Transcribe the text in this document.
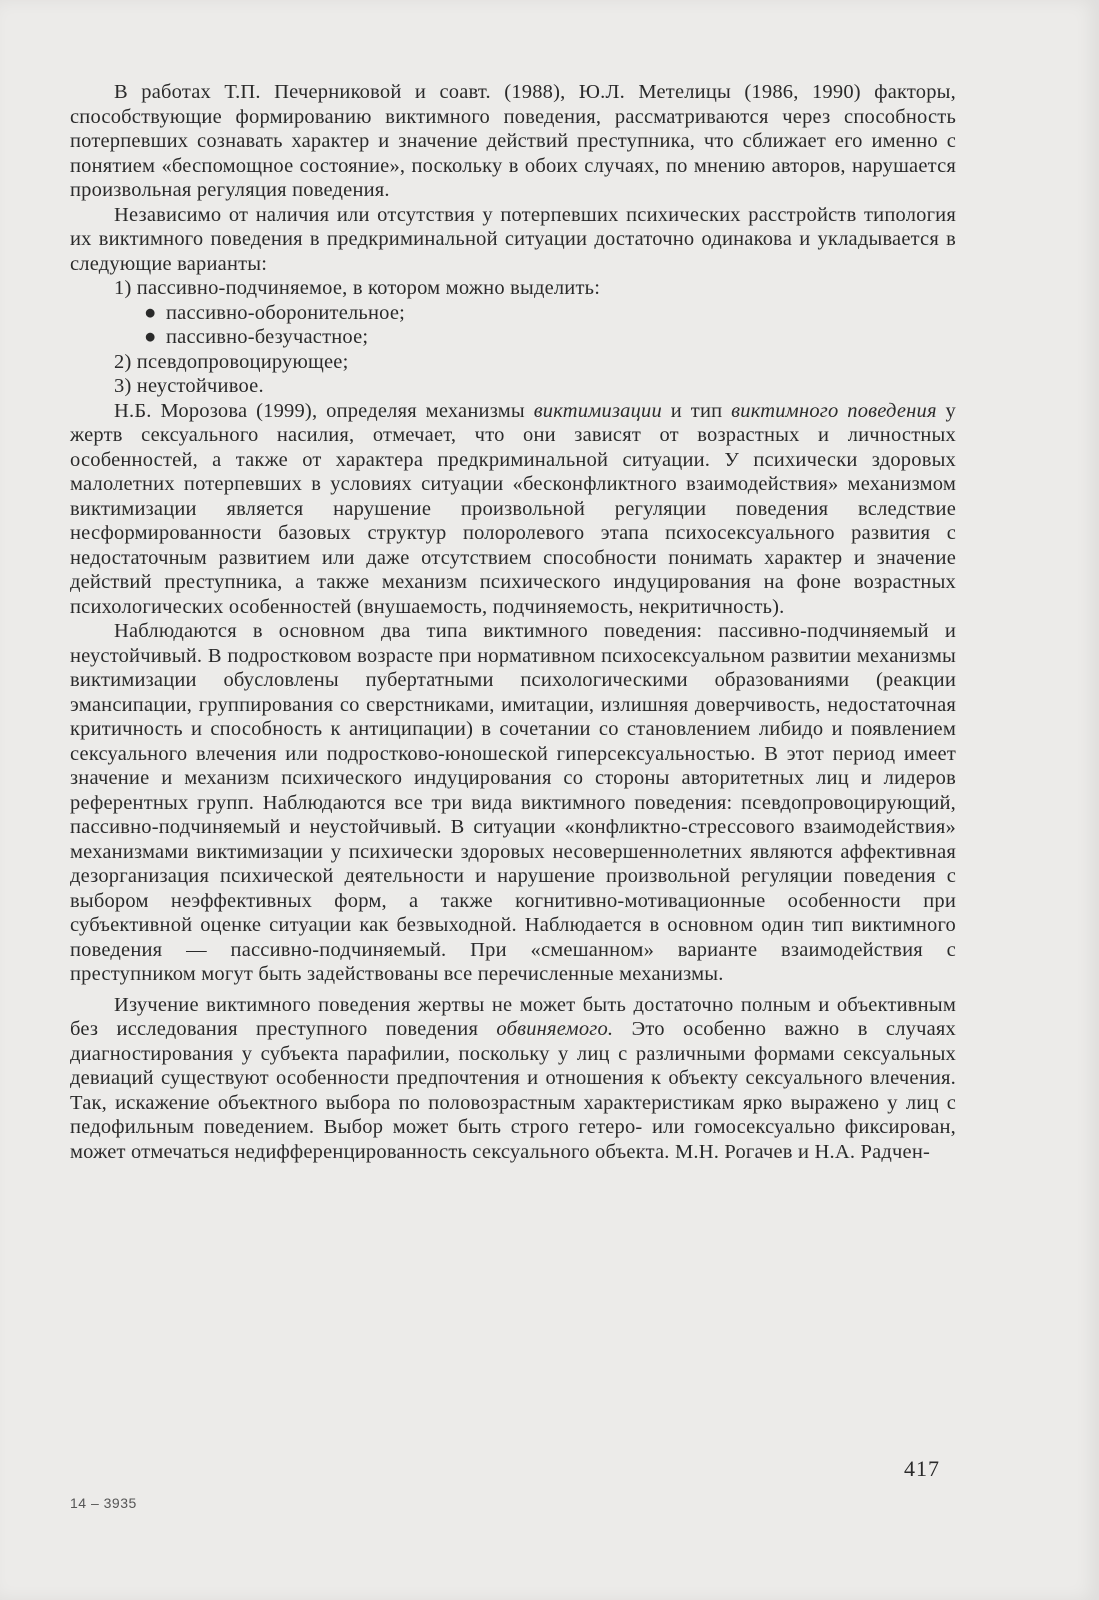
В работах Т.П. Печерниковой и соавт. (1988), Ю.Л. Метелицы (1986, 1990) факторы, способствующие формированию виктимного поведения, рассматриваются через способность потерпевших сознавать характер и значение действий преступника, что сближает его именно с понятием «беспомощное состояние», поскольку в обоих случаях, по мнению авторов, нарушается произвольная регуляция поведения.

Независимо от наличия или отсутствия у потерпевших психических расстройств типология их виктимного поведения в предкриминальной ситуации достаточно одинакова и укладывается в следующие варианты:

1) пассивно-подчиняемое, в котором можно выделить:

● пассивно-оборонительное;

● пассивно-безучастное;

2) псевдопровоцирующее;

3) неустойчивое.

Н.Б. Морозова (1999), определяя механизмы виктимизации и тип виктимного поведения у жертв сексуального насилия, отмечает, что они зависят от возрастных и личностных особенностей, а также от характера предкриминальной ситуации. У психически здоровых малолетних потерпевших в условиях ситуации «бесконфликтного взаимодействия» механизмом виктимизации является нарушение произвольной регуляции поведения вследствие несформированности базовых структур полоролевого этапа психосексуального развития с недостаточным развитием или даже отсутствием способности понимать характер и значение действий преступника, а также механизм психического индуцирования на фоне возрастных психологических особенностей (внушаемость, подчиняемость, некритичность).

Наблюдаются в основном два типа виктимного поведения: пассивно-подчиняемый и неустойчивый. В подростковом возрасте при нормативном психосексуальном развитии механизмы виктимизации обусловлены пубертатными психологическими образованиями (реакции эмансипации, группирования со сверстниками, имитации, излишняя доверчивость, недостаточная критичность и способность к антиципации) в сочетании со становлением либидо и появлением сексуального влечения или подростково-юношеской гиперсексуальностью. В этот период имеет значение и механизм психического индуцирования со стороны авторитетных лиц и лидеров референтных групп. Наблюдаются все три вида виктимного поведения: псевдопровоцирующий, пассивно-подчиняемый и неустойчивый. В ситуации «конфликтно-стрессового взаимодействия» механизмами виктимизации у психически здоровых несовершеннолетних являются аффективная дезорганизация психической деятельности и нарушение произвольной регуляции поведения с выбором неэффективных форм, а также когнитивно-мотивационные особенности при субъективной оценке ситуации как безвыходной. Наблюдается в основном один тип виктимного поведения — пассивно-подчиняемый. При «смешанном» варианте взаимодействия с преступником могут быть задействованы все перечисленные механизмы.

Изучение виктимного поведения жертвы не может быть достаточно полным и объективным без исследования преступного поведения обвиняемого. Это особенно важно в случаях диагностирования у субъекта парафилии, поскольку у лиц с различными формами сексуальных девиаций существуют особенности предпочтения и отношения к объекту сексуального влечения. Так, искажение объектного выбора по половозрастным характеристикам ярко выражено у лиц с педофильным поведением. Выбор может быть строго гетеро- или гомосексуально фиксирован, может отмечаться недифференцированность сексуального объекта. М.Н. Рогачев и Н.А. Радчен-

417
14 – 3935
